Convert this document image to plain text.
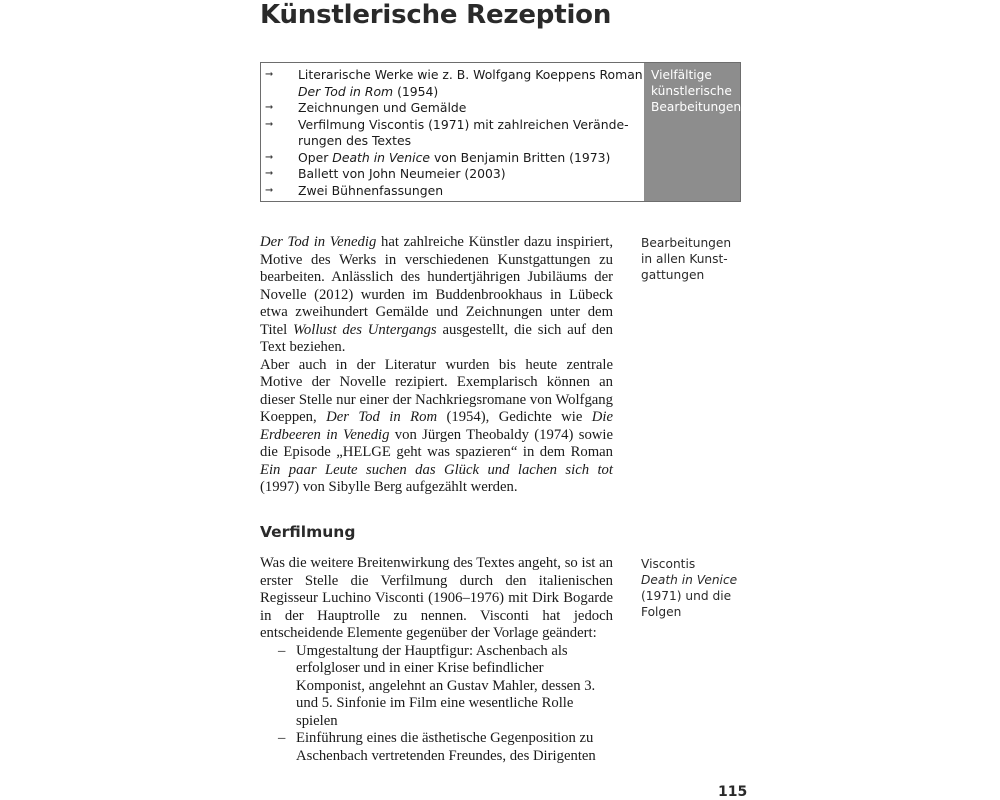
Künstlerische Rezeption
➞ Literarische Werke wie z. B. Wolfgang Koeppens Roman Der Tod in Rom (1954)
➞ Zeichnungen und Gemälde
➞ Verfilmung Viscontis (1971) mit zahlreichen Veränderungen des Textes
➞ Oper Death in Venice von Benjamin Britten (1973)
➞ Ballett von John Neumeier (2003)
➞ Zwei Bühnenfassungen
Vielfältige
künstlerische
Bearbeitungen

Der Tod in Venedig hat zahlreiche Künstler dazu inspiriert, Motive des Werks in verschiedenen Kunstgattungen zu bearbeiten. Anlässlich des hundertjährigen Jubiläums der Novelle (2012) wurden im Buddenbrookhaus in Lübeck etwa zweihundert Gemälde und Zeichnungen unter dem Titel Wollust des Untergangs ausgestellt, die sich auf den Text beziehen.

Aber auch in der Literatur wurden bis heute zentrale Motive der Novelle rezipiert. Exemplarisch können an dieser Stelle nur einer der Nachkriegsromane von Wolfgang Koeppen, Der Tod in Rom (1954), Gedichte wie Die Erdbeeren in Venedig von Jürgen Theobaldy (1974) sowie die Episode „HELGE geht was spazieren“ in dem Roman Ein paar Leute suchen das Glück und lachen sich tot (1997) von Sibylle Berg aufgezählt werden.

Bearbeitungen
in allen Kunst-
gattungen
Verfilmung

Was die weitere Breitenwirkung des Textes angeht, so ist an erster Stelle die Verfilmung durch den italienischen Regisseur Luchino Visconti (1906–1976) mit Dirk Bogarde in der Hauptrolle zu nennen. Visconti hat jedoch entscheidende Elemente gegenüber der Vorlage geändert:

– Umgestaltung der Hauptfigur: Aschenbach als erfolgloser und in einer Krise befindlicher Komponist, angelehnt an Gustav Mahler, dessen 3. und 5. Sinfonie im Film eine wesentliche Rolle spielen
– Einführung eines die ästhetische Gegenposition zu Aschenbach vertretenden Freundes, des Dirigenten
Viscontis
Death in Venice
(1971) und die
Folgen
115
